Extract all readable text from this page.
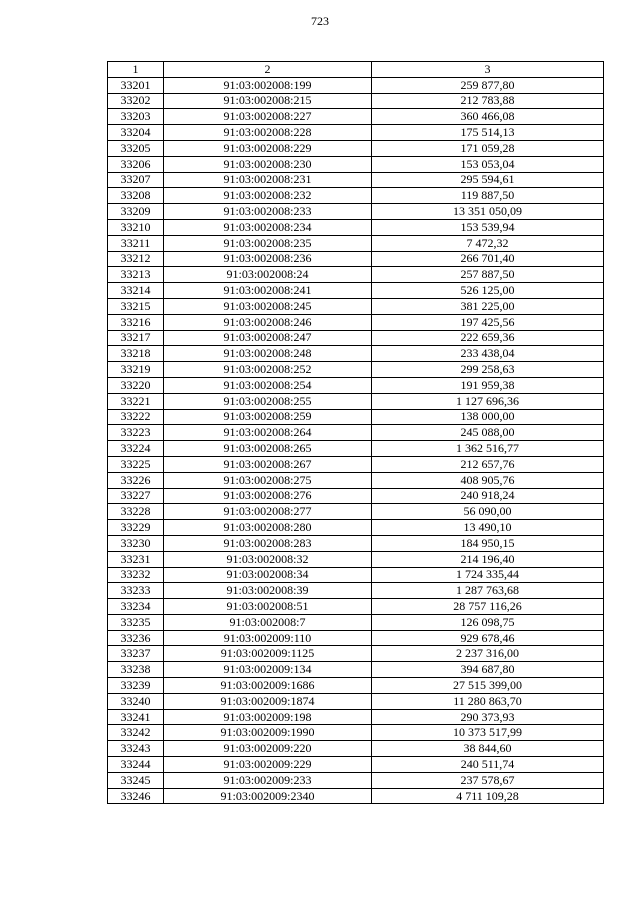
723
1	2	3
33201	91:03:002008:199	259 877,80
33202	91:03:002008:215	212 783,88
33203	91:03:002008:227	360 466,08
33204	91:03:002008:228	175 514,13
33205	91:03:002008:229	171 059,28
33206	91:03:002008:230	153 053,04
33207	91:03:002008:231	295 594,61
33208	91:03:002008:232	119 887,50
33209	91:03:002008:233	13 351 050,09
33210	91:03:002008:234	153 539,94
33211	91:03:002008:235	7 472,32
33212	91:03:002008:236	266 701,40
33213	91:03:002008:24	257 887,50
33214	91:03:002008:241	526 125,00
33215	91:03:002008:245	381 225,00
33216	91:03:002008:246	197 425,56
33217	91:03:002008:247	222 659,36
33218	91:03:002008:248	233 438,04
33219	91:03:002008:252	299 258,63
33220	91:03:002008:254	191 959,38
33221	91:03:002008:255	1 127 696,36
33222	91:03:002008:259	138 000,00
33223	91:03:002008:264	245 088,00
33224	91:03:002008:265	1 362 516,77
33225	91:03:002008:267	212 657,76
33226	91:03:002008:275	408 905,76
33227	91:03:002008:276	240 918,24
33228	91:03:002008:277	56 090,00
33229	91:03:002008:280	13 490,10
33230	91:03:002008:283	184 950,15
33231	91:03:002008:32	214 196,40
33232	91:03:002008:34	1 724 335,44
33233	91:03:002008:39	1 287 763,68
33234	91:03:002008:51	28 757 116,26
33235	91:03:002008:7	126 098,75
33236	91:03:002009:110	929 678,46
33237	91:03:002009:1125	2 237 316,00
33238	91:03:002009:134	394 687,80
33239	91:03:002009:1686	27 515 399,00
33240	91:03:002009:1874	11 280 863,70
33241	91:03:002009:198	290 373,93
33242	91:03:002009:1990	10 373 517,99
33243	91:03:002009:220	38 844,60
33244	91:03:002009:229	240 511,74
33245	91:03:002009:233	237 578,67
33246	91:03:002009:2340	4 711 109,28
